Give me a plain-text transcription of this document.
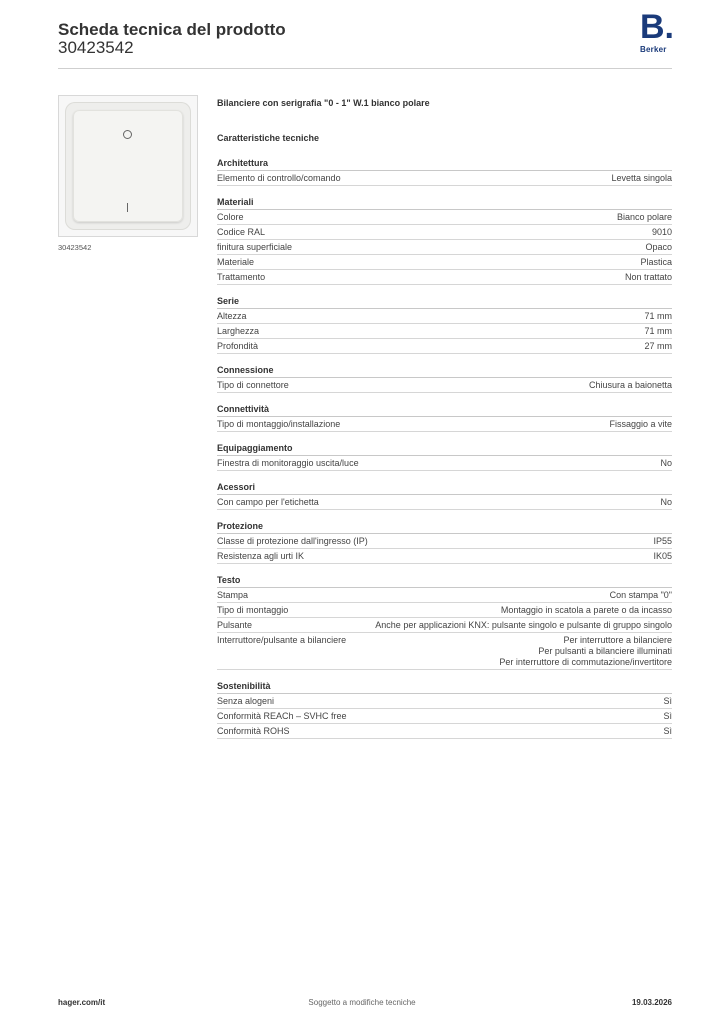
Scheda tecnica del prodotto
30423542
B.
Berker
30423542
Bilanciere con serigrafia "0 - 1" W.1 bianco polare
Caratteristiche tecniche
Architettura
Elemento di controllo/comando	Levetta singola
Materiali
Colore	Bianco polare
Codice RAL	9010
finitura superficiale	Opaco
Materiale	Plastica
Trattamento	Non trattato
Serie
Altezza	71 mm
Larghezza	71 mm
Profondità	27 mm
Connessione
Tipo di connettore	Chiusura a baionetta
Connettività
Tipo di montaggio/installazione	Fissaggio a vite
Equipaggiamento
Finestra di monitoraggio uscita/luce	No
Acessori
Con campo per l'etichetta	No
Protezione
Classe di protezione dall'ingresso (IP)	IP55
Resistenza agli urti IK	IK05
Testo
Stampa	Con stampa "0"
Tipo di montaggio	Montaggio in scatola a parete o da incasso
Pulsante	Anche per applicazioni KNX: pulsante singolo e pulsante di gruppo singolo
Interruttore/pulsante a bilanciere	Per interruttore a bilanciere
Per pulsanti a bilanciere illuminati
Per interruttore di commutazione/invertitore
Sostenibilità
Senza alogeni	Sì
Conformità REACh – SVHC free	Sì
Conformità ROHS	Sì
hager.com/it	Soggetto a modifiche tecniche	19.03.2026
